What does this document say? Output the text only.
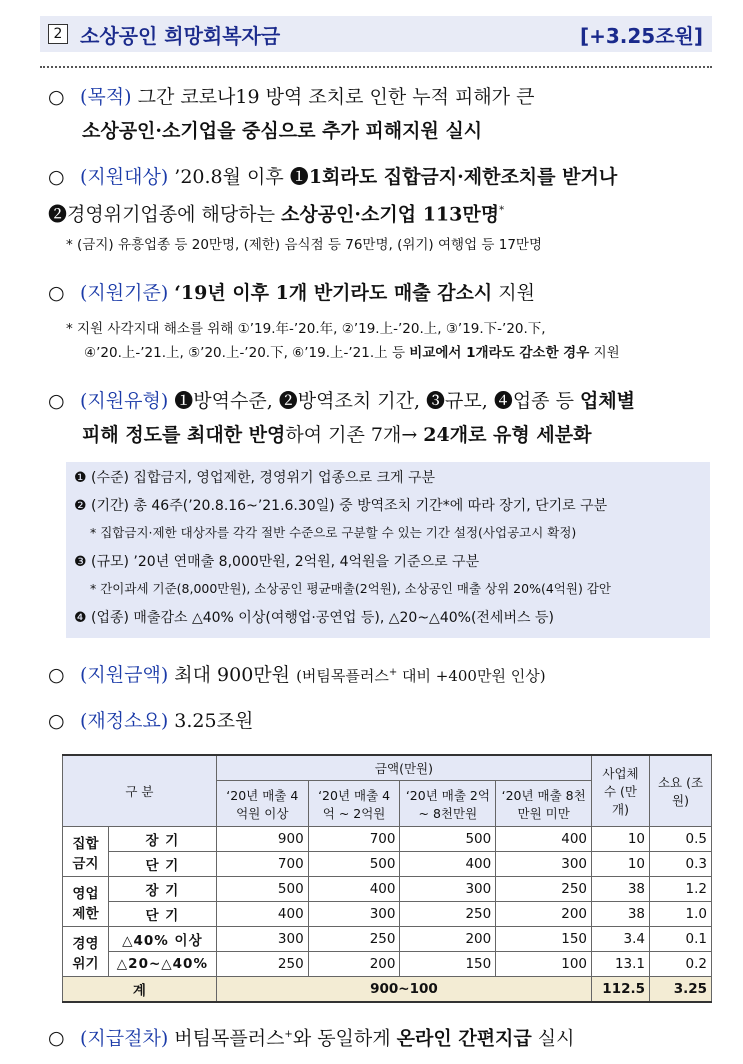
2 소상공인 희망회복자금	[+3.25조원]
○ (목적) 그간 코로나19 방역 조치로 인한 누적 피해가 큰
소상공인·소기업을 중심으로 추가 피해지원 실시
○ (지원대상) ’20.8월 이후 ❶1회라도 집합금지·제한조치를 받거나
❷경영위기업종에 해당하는 소상공인·소기업 113만명*
* (금지) 유흥업종 등 20만명, (제한) 음식점 등 76만명, (위기) 여행업 등 17만명
○ (지원기준) ‘19년 이후 1개 반기라도 매출 감소시 지원
* 지원 사각지대 해소를 위해 ①’19.年-’20.年, ②’19.上-’20.上, ③’19.下-’20.下,
④’20.上-’21.上, ⑤’20.上-’20.下, ⑥’19.上-’21.上 등 비교에서 1개라도 감소한 경우 지원
○ (지원유형) ❶방역수준, ❷방역조치 기간, ❸규모, ❹업종 등 업체별
피해 정도를 최대한 반영하여 기존 7개→ 24개로 유형 세분화
❶ (수준) 집합금지, 영업제한, 경영위기 업종으로 크게 구분
❷ (기간) 총 46주(’20.8.16~’21.6.30일) 중 방역조치 기간*에 따라 장기, 단기로 구분
* 집합금지·제한 대상자를 각각 절반 수준으로 구분할 수 있는 기간 설정(사업공고시 확정)
❸ (규모) ’20년 연매출 8,000만원, 2억원, 4억원을 기준으로 구분
* 간이과세 기준(8,000만원), 소상공인 평균매출(2억원), 소상공인 매출 상위 20%(4억원) 감안
❹ (업종) 매출감소 △40% 이상(여행업·공연업 등), △20~△40%(전세버스 등)
○ (지원금액) 최대 900만원 (버팀목플러스+ 대비 +400만원 인상)
○ (재정소요) 3.25조원
구 분		금액(만원)				사업체 수 (만개)	소요 (조원)
		‘20년 매출 4억원 이상	‘20년 매출 4억 ~ 2억원	‘20년 매출 2억 ~ 8천만원	‘20년 매출 8천만원 미만		
집합 금지	장 기	900	700	500	400	10	0.5
	단 기	700	500	400	300	10	0.3
영업 제한	장 기	500	400	300	250	38	1.2
	단 기	400	300	250	200	38	1.0
경영 위기	△40% 이상	300	250	200	150	3.4	0.1
	△20~△40%	250	200	150	100	13.1	0.2
계		900~100				112.5	3.25
○ (지급절차) 버팀목플러스+와 동일하게 온라인 간편지급 실시
